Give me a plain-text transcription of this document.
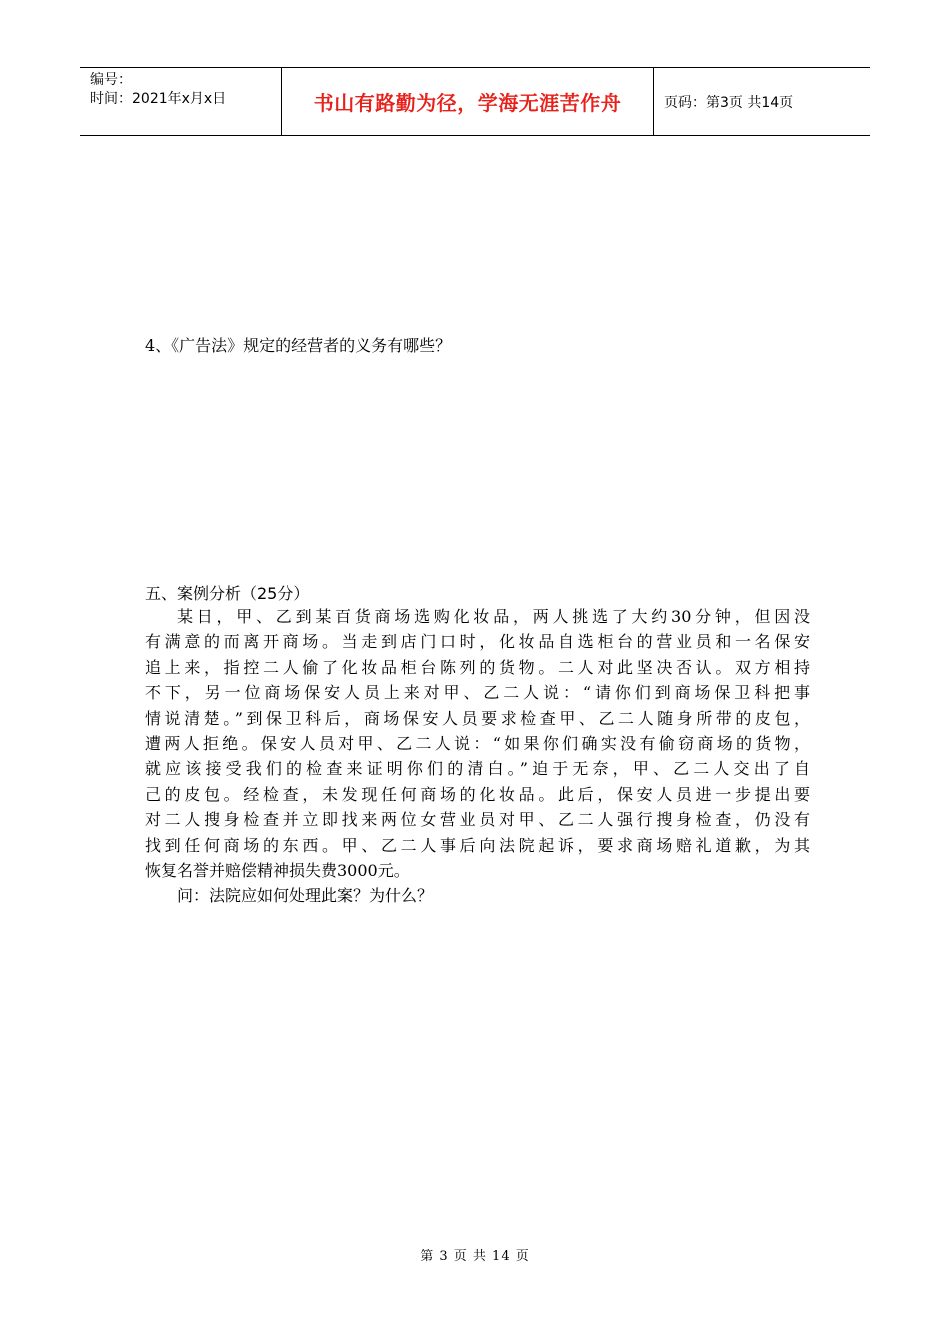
编号：
时间：2021年x月x日	书山有路勤为径，学海无涯苦作舟	页码：第3页 共14页
4、《广告法》规定的经营者的义务有哪些？
五、案例分析（25分）
某日，甲、乙到某百货商场选购化妆品，两人挑选了大约30分钟，但因没
有满意的而离开商场。当走到店门口时，化妆品自选柜台的营业员和一名保安
追上来，指控二人偷了化妆品柜台陈列的货物。二人对此坚决否认。双方相持
不下，另一位商场保安人员上来对甲、乙二人说：“请你们到商场保卫科把事
情说清楚。”到保卫科后，商场保安人员要求检查甲、乙二人随身所带的皮包，
遭两人拒绝。保安人员对甲、乙二人说：“如果你们确实没有偷窃商场的货物，
就应该接受我们的检查来证明你们的清白。”迫于无奈，甲、乙二人交出了自
己的皮包。经检查，未发现任何商场的化妆品。此后，保安人员进一步提出要
对二人搜身检查并立即找来两位女营业员对甲、乙二人强行搜身检查，仍没有
找到任何商场的东西。甲、乙二人事后向法院起诉，要求商场赔礼道歉，为其
恢复名誉并赔偿精神损失费3000元。
问：法院应如何处理此案？为什么？
第 3 页 共 14 页
